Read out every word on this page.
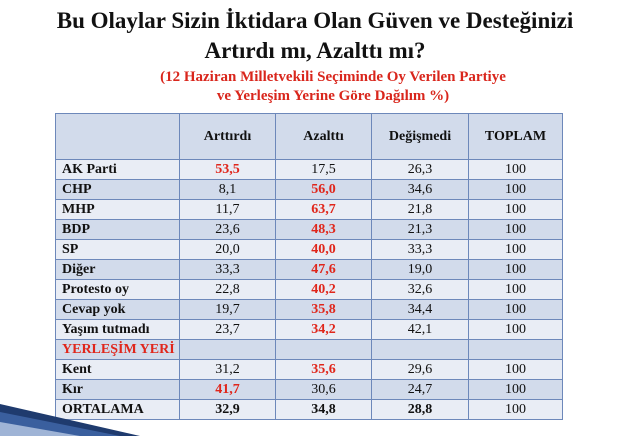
Bu Olaylar Sizin İktidara Olan Güven ve Desteğinizi
Artırdı mı, Azalttı mı?
(12 Haziran Milletvekili Seçiminde Oy Verilen Partiye
ve Yerleşim Yerine Göre Dağılım %)
	Arttırdı	Azalttı	Değişmedi	TOPLAM
AK Parti	53,5	17,5	26,3	100
CHP	8,1	56,0	34,6	100
MHP	11,7	63,7	21,8	100
BDP	23,6	48,3	21,3	100
SP	20,0	40,0	33,3	100
Diğer	33,3	47,6	19,0	100
Protesto oy	22,8	40,2	32,6	100
Cevap yok	19,7	35,8	34,4	100
Yaşım tutmadı	23,7	34,2	42,1	100
YERLEŞİM YERİ				
Kent	31,2	35,6	29,6	100
Kır	41,7	30,6	24,7	100
ORTALAMA	32,9	34,8	28,8	100
